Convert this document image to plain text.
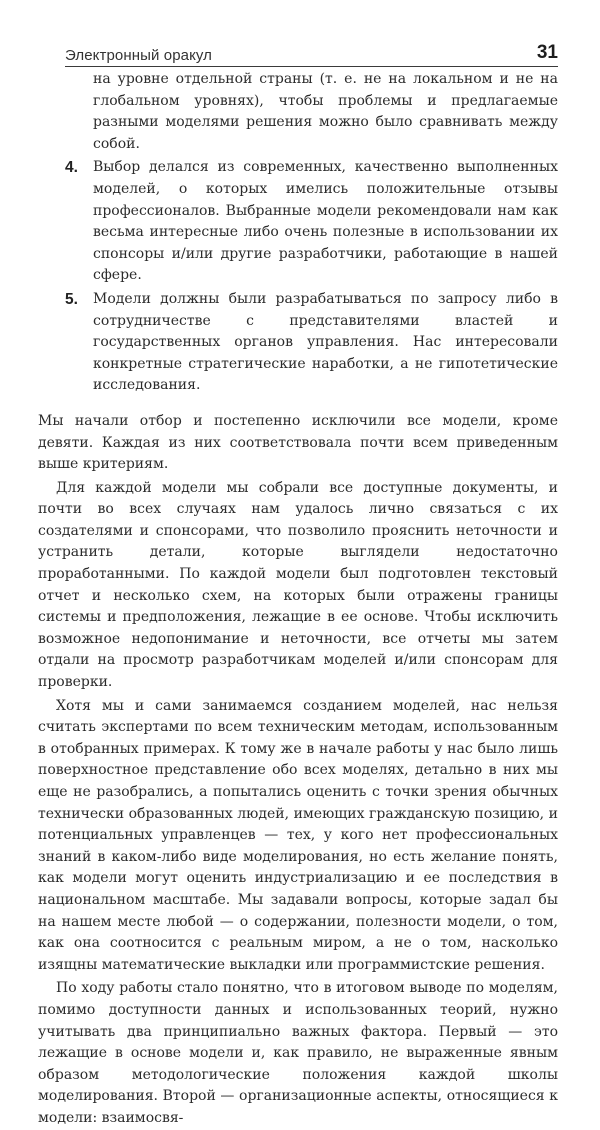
Электронный оракул	31
на уровне отдельной страны (т. е. не на локальном и не на глобальном уровнях), чтобы проблемы и предлагаемые разными моделями решения можно было сравнивать между собой.
4. Выбор делался из современных, качественно выполненных моделей, о которых имелись положительные отзывы профессионалов. Выбранные модели рекомендовали нам как весьма интересные либо очень полезные в использовании их спонсоры и/или другие разработчики, работающие в нашей сфере.
5. Модели должны были разрабатываться по запросу либо в сотрудничестве с представителями властей и государственных органов управления. Нас интересовали конкретные стратегические наработки, а не гипотетические исследования.

Мы начали отбор и постепенно исключили все модели, кроме девяти. Каждая из них соответствовала почти всем приведенным выше критериям.

Для каждой модели мы собрали все доступные документы, и почти во всех случаях нам удалось лично связаться с их создателями и спонсорами, что позволило прояснить неточности и устранить детали, которые выглядели недостаточно проработанными. По каждой модели был подготовлен текстовый отчет и несколько схем, на которых были отражены границы системы и предположения, лежащие в ее основе. Чтобы исключить возможное недопонимание и неточности, все отчеты мы затем отдали на просмотр разработчикам моделей и/или спонсорам для проверки.

Хотя мы и сами занимаемся созданием моделей, нас нельзя считать экспертами по всем техническим методам, использованным в отобранных примерах. К тому же в начале работы у нас было лишь поверхностное представление обо всех моделях, детально в них мы еще не разобрались, а попытались оценить с точки зрения обычных технически образованных людей, имеющих гражданскую позицию, и потенциальных управленцев — тех, у кого нет профессиональных знаний в каком-либо виде моделирования, но есть желание понять, как модели могут оценить индустриализацию и ее последствия в национальном масштабе. Мы задавали вопросы, которые задал бы на нашем месте любой — о содержании, полезности модели, о том, как она соотносится с реальным миром, а не о том, насколько изящны математические выкладки или программистские решения.

По ходу работы стало понятно, что в итоговом выводе по моделям, помимо доступности данных и использованных теорий, нужно учитывать два принципиально важных фактора. Первый — это лежащие в основе модели и, как правило, не выраженные явным образом методологические положения каждой школы моделирования. Второй — организационные аспекты, относящиеся к модели: взаимосвя-
